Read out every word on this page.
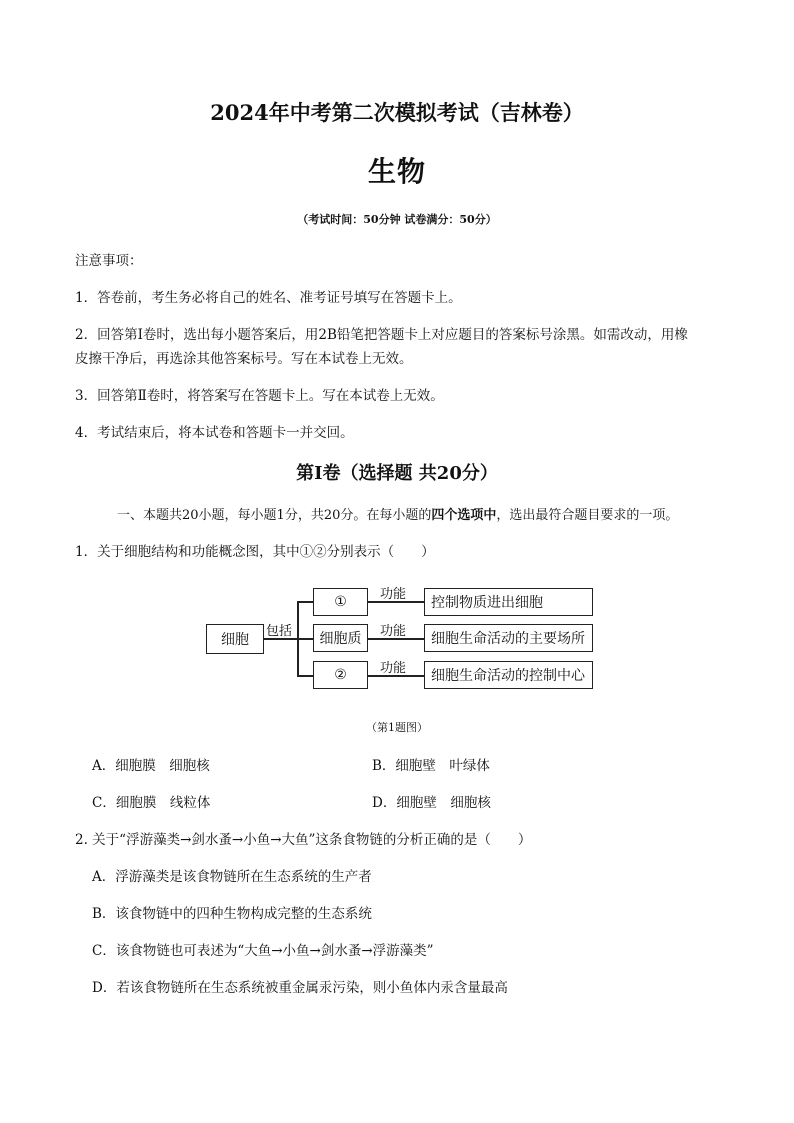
2024年中考第二次模拟考试（吉林卷）
生物
（考试时间：50分钟 试卷满分：50分）
注意事项：
1．答卷前，考生务必将自己的姓名、准考证号填写在答题卡上。
2．回答第Ⅰ卷时，选出每小题答案后，用2B铅笔把答题卡上对应题目的答案标号涂黑。如需改动，用橡
皮擦干净后，再选涂其他答案标号。写在本试卷上无效。
3．回答第Ⅱ卷时，将答案写在答题卡上。写在本试卷上无效。
4．考试结束后，将本试卷和答题卡一并交回。
第Ⅰ卷（选择题 共20分）
一、本题共20小题，每小题1分，共20分。在每小题的四个选项中，选出最符合题目要求的一项。
1．关于细胞结构和功能概念图，其中①②分别表示（　　）
细胞
包括
①
细胞质
②
功能
功能
功能
控制物质进出细胞
细胞生命活动的主要场所
细胞生命活动的控制中心
（第1题图）
A．细胞膜　细胞核	B．细胞壁　叶绿体
C．细胞膜　线粒体	D．细胞壁　细胞核
2. 关于“浮游藻类→剑水蚤→小鱼→大鱼”这条食物链的分析正确的是（　　）
A．浮游藻类是该食物链所在生态系统的生产者
B．该食物链中的四种生物构成完整的生态系统
C．该食物链也可表述为“大鱼→小鱼→剑水蚤→浮游藻类”
D．若该食物链所在生态系统被重金属汞污染，则小鱼体内汞含量最高
